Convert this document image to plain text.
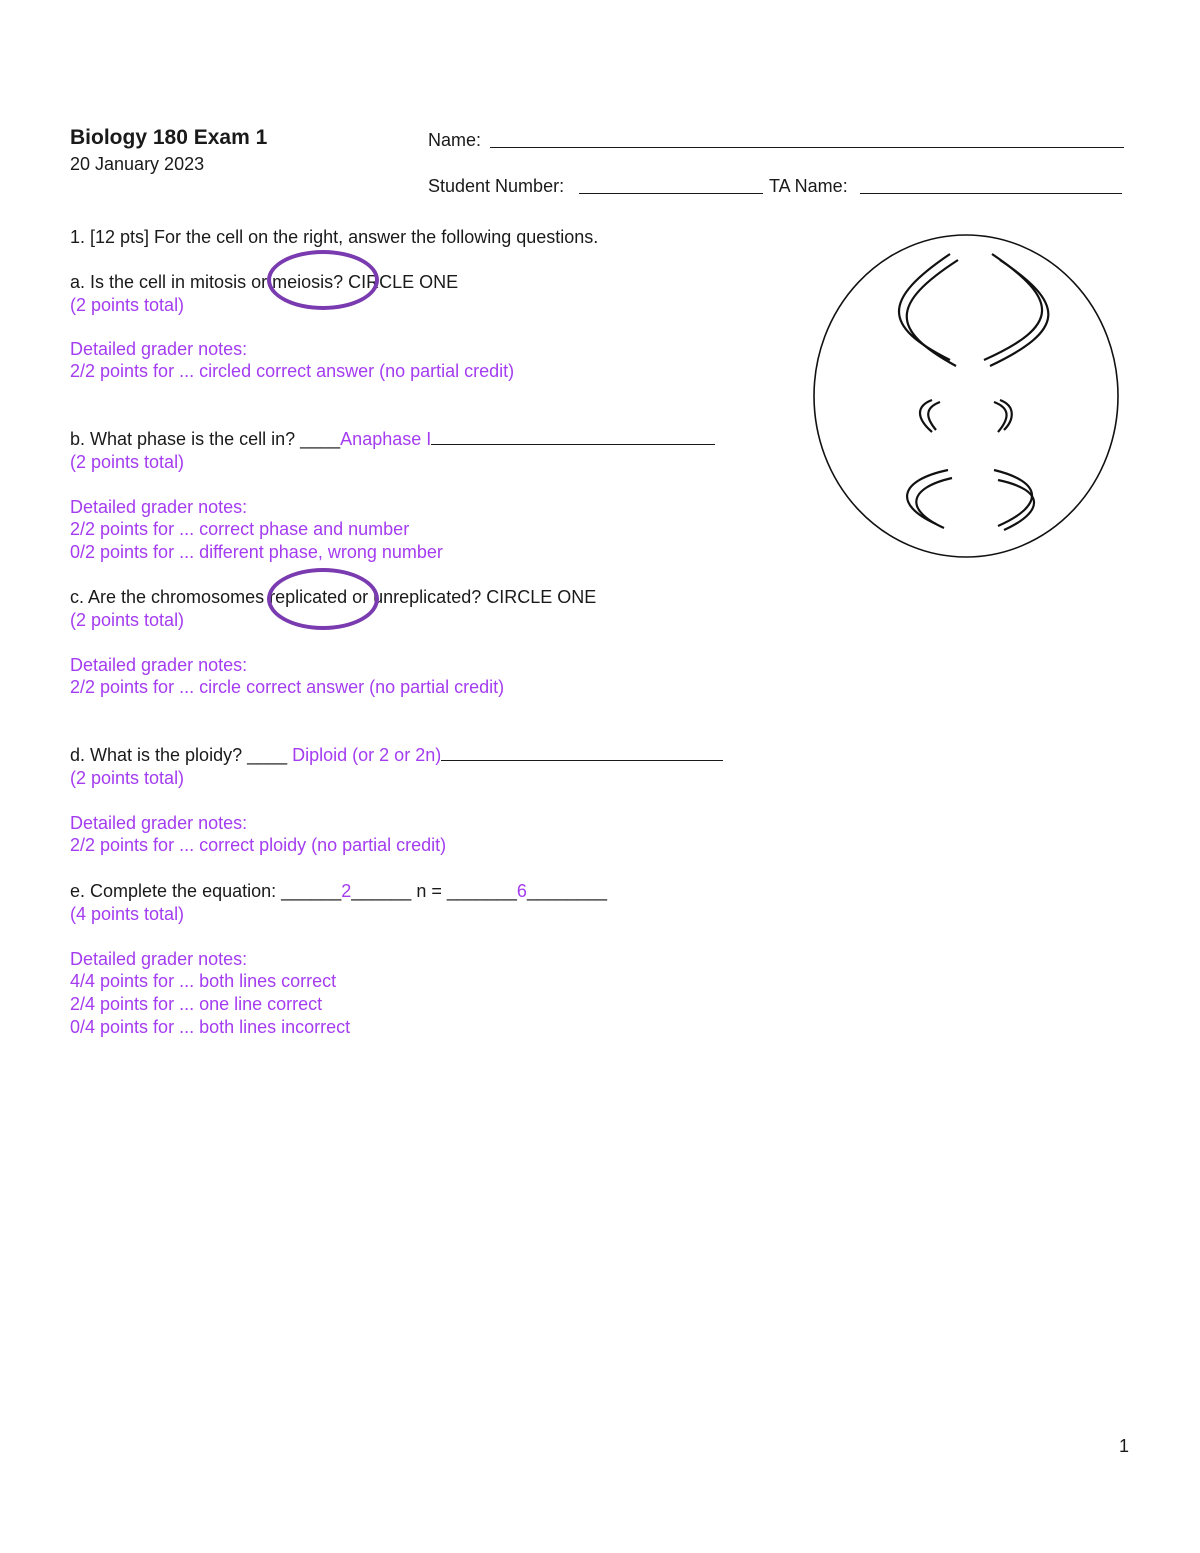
Biology 180 Exam 1
20 January 2023
Name:
Student Number:	TA Name:
1. [12 pts] For the cell on the right, answer the following questions.
a. Is the cell in mitosis or meiosis? CIRCLE ONE
(2 points total)
Detailed grader notes:
2/2 points for ... circled correct answer (no partial credit)
b. What phase is the cell in? ____Anaphase I
(2 points total)
Detailed grader notes:
2/2 points for ... correct phase and number
0/2 points for ... different phase, wrong number
c. Are the chromosomes replicated or unreplicated? CIRCLE ONE
(2 points total)
Detailed grader notes:
2/2 points for ... circle correct answer (no partial credit)
d. What is the ploidy? ____ Diploid (or 2 or 2n)
(2 points total)
Detailed grader notes:
2/2 points for ... correct ploidy (no partial credit)
e. Complete the equation: ______2______ n = _______6________
(4 points total)
Detailed grader notes:
4/4 points for ... both lines correct
2/4 points for ... one line correct
0/4 points for ... both lines incorrect
1
